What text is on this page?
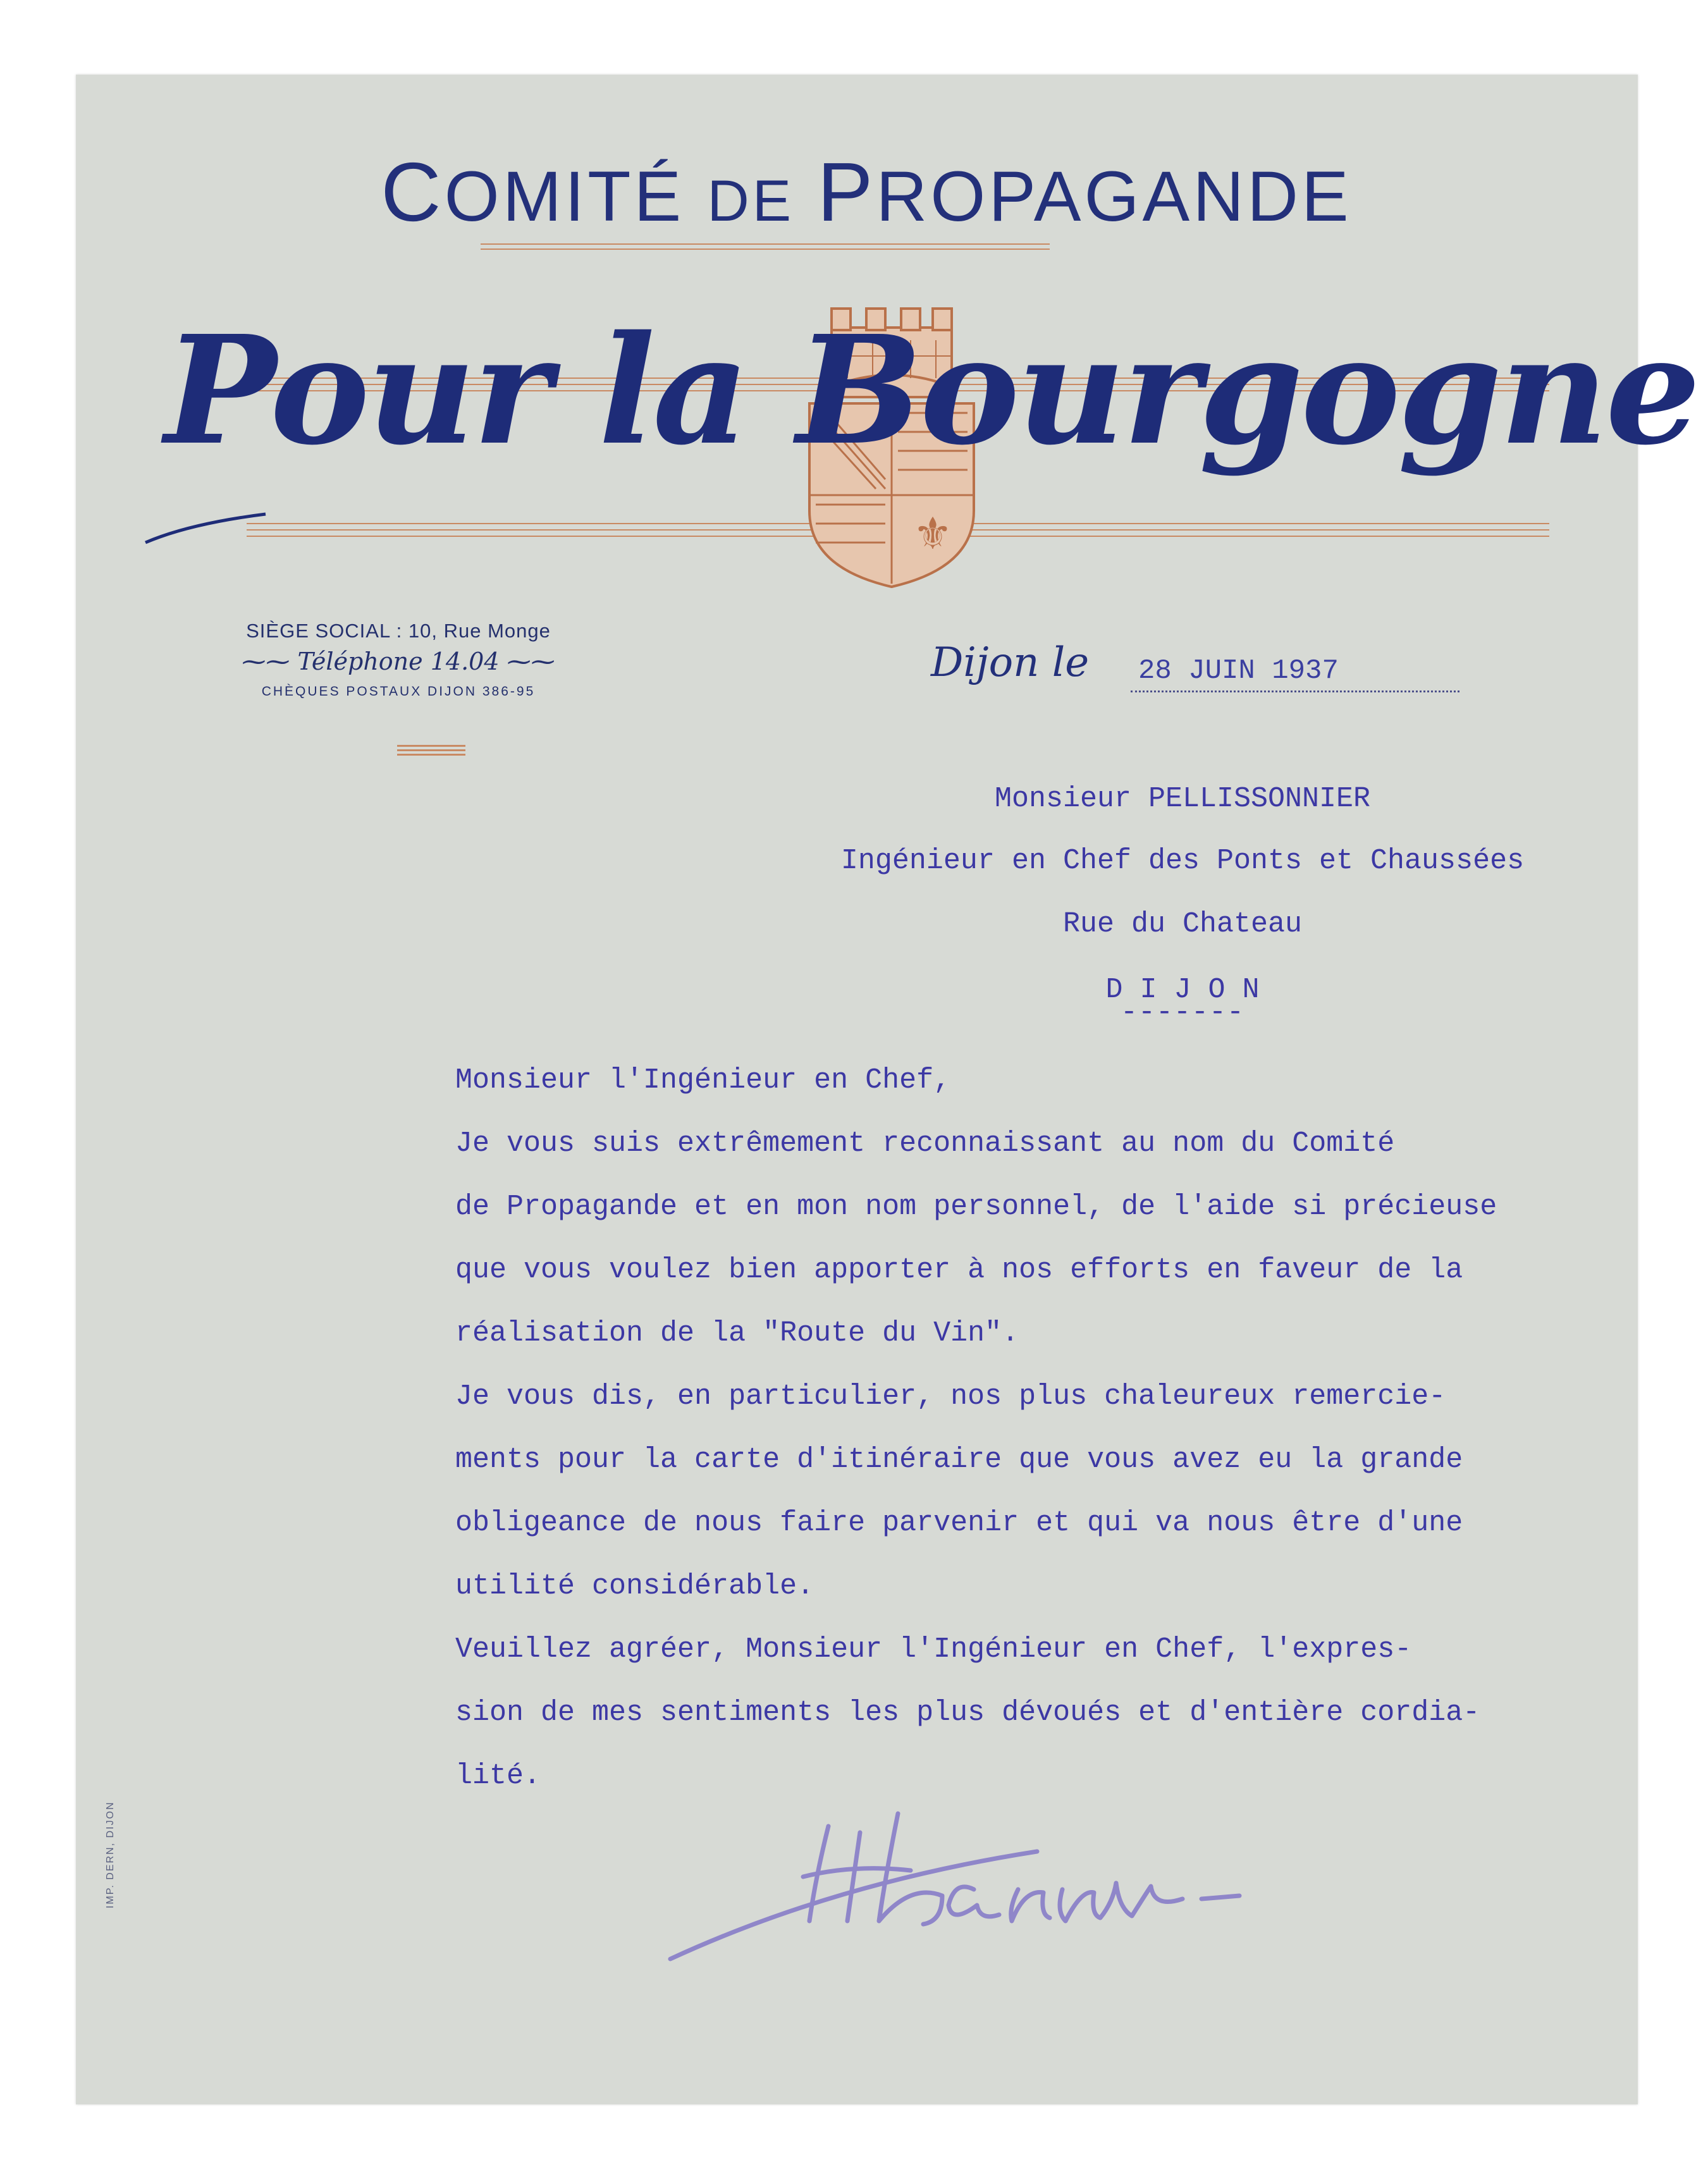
COMITÉ DE PROPAGANDE
⚜
Pour la Bourgogne
SIÈGE SOCIAL : 10, Rue Monge
⁓⁓ Téléphone 14.04 ⁓⁓
CHÈQUES POSTAUX DIJON 386-95
Dijon le 28 JUIN 1937
Monsieur PELLISSONNIER
Ingénieur en Chef des Ponts et Chaussées
Rue du Chateau
D I J O N
-------
Monsieur l'Ingénieur en Chef,
Je vous suis extrêmement reconnaissant au nom du Comité
de Propagande et en mon nom personnel, de l'aide si précieuse
que vous voulez bien apporter à nos efforts en faveur de la
réalisation de la "Route du Vin".
Je vous dis, en particulier, nos plus chaleureux remercie-
ments pour la carte d'itinéraire que vous avez eu la grande
obligeance de nous faire parvenir et qui va nous être d'une
utilité considérable.
Veuillez agréer, Monsieur l'Ingénieur en Chef, l'expres-
sion de mes sentiments les plus dévoués et d'entière cordia-
lité.
IMP. DERN, DIJON
